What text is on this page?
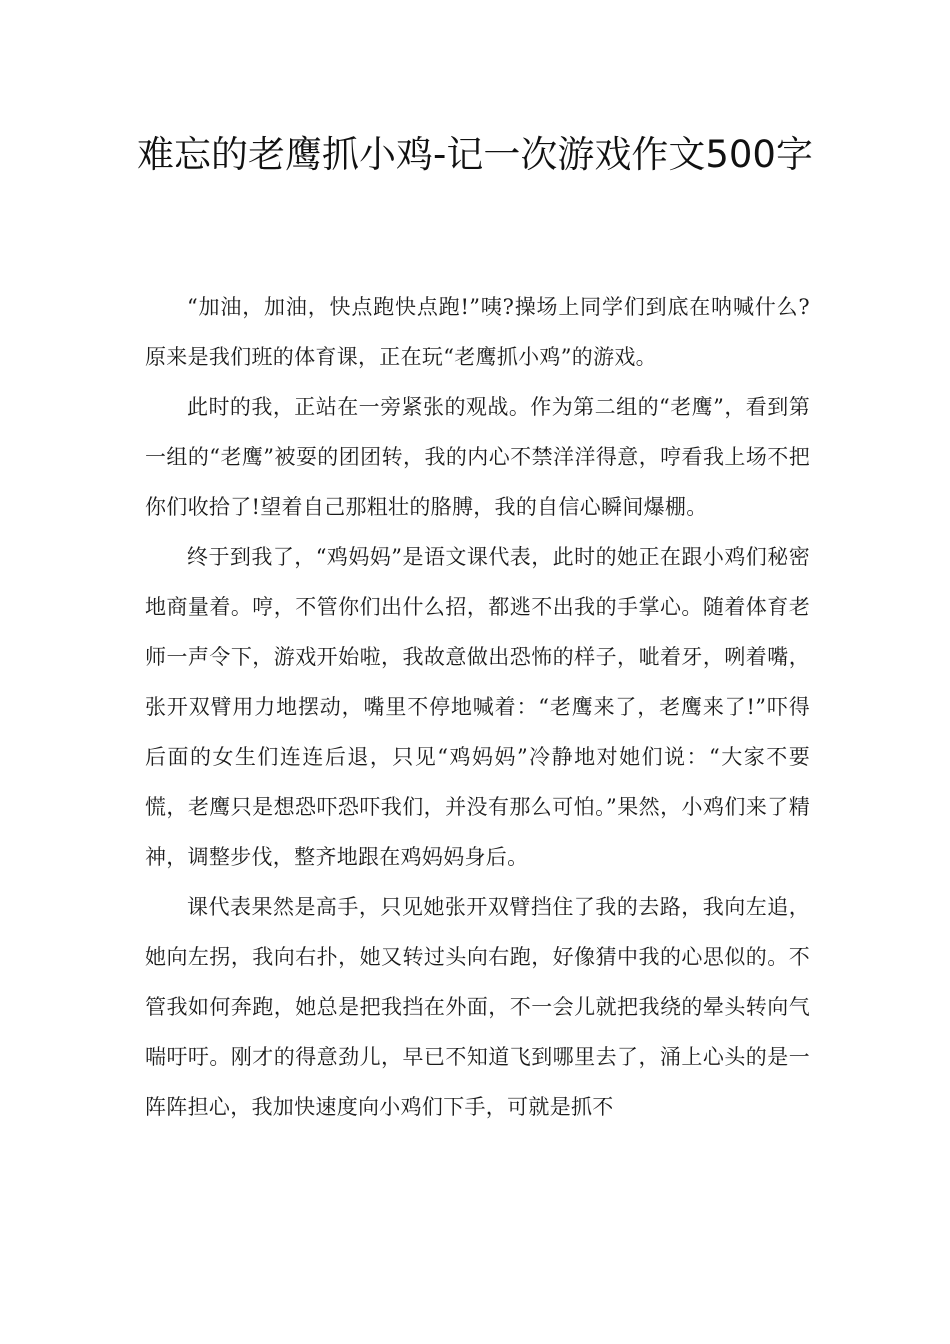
难忘的老鹰抓小鸡-记一次游戏作文500字

“加油，加油，快点跑快点跑!”咦?操场上同学们到底在呐喊什么?原来是我们班的体育课，正在玩“老鹰抓小鸡”的游戏。

此时的我，正站在一旁紧张的观战。作为第二组的“老鹰”，看到第一组的“老鹰”被耍的团团转，我的内心不禁洋洋得意，哼看我上场不把你们收拾了!望着自己那粗壮的胳膊，我的自信心瞬间爆棚。

终于到我了，“鸡妈妈”是语文课代表，此时的她正在跟小鸡们秘密地商量着。哼，不管你们出什么招，都逃不出我的手掌心。随着体育老师一声令下，游戏开始啦，我故意做出恐怖的样子，呲着牙，咧着嘴，张开双臂用力地摆动，嘴里不停地喊着：“老鹰来了，老鹰来了!”吓得后面的女生们连连后退，只见“鸡妈妈”冷静地对她们说：“大家不要慌，老鹰只是想恐吓恐吓我们，并没有那么可怕。”果然，小鸡们来了精神，调整步伐，整齐地跟在鸡妈妈身后。

课代表果然是高手，只见她张开双臂挡住了我的去路，我向左追，她向左拐，我向右扑，她又转过头向右跑，好像猜中我的心思似的。不管我如何奔跑，她总是把我挡在外面，不一会儿就把我绕的晕头转向气喘吁吁。刚才的得意劲儿，早已不知道飞到哪里去了，涌上心头的是一阵阵担心，我加快速度向小鸡们下手，可就是抓不
